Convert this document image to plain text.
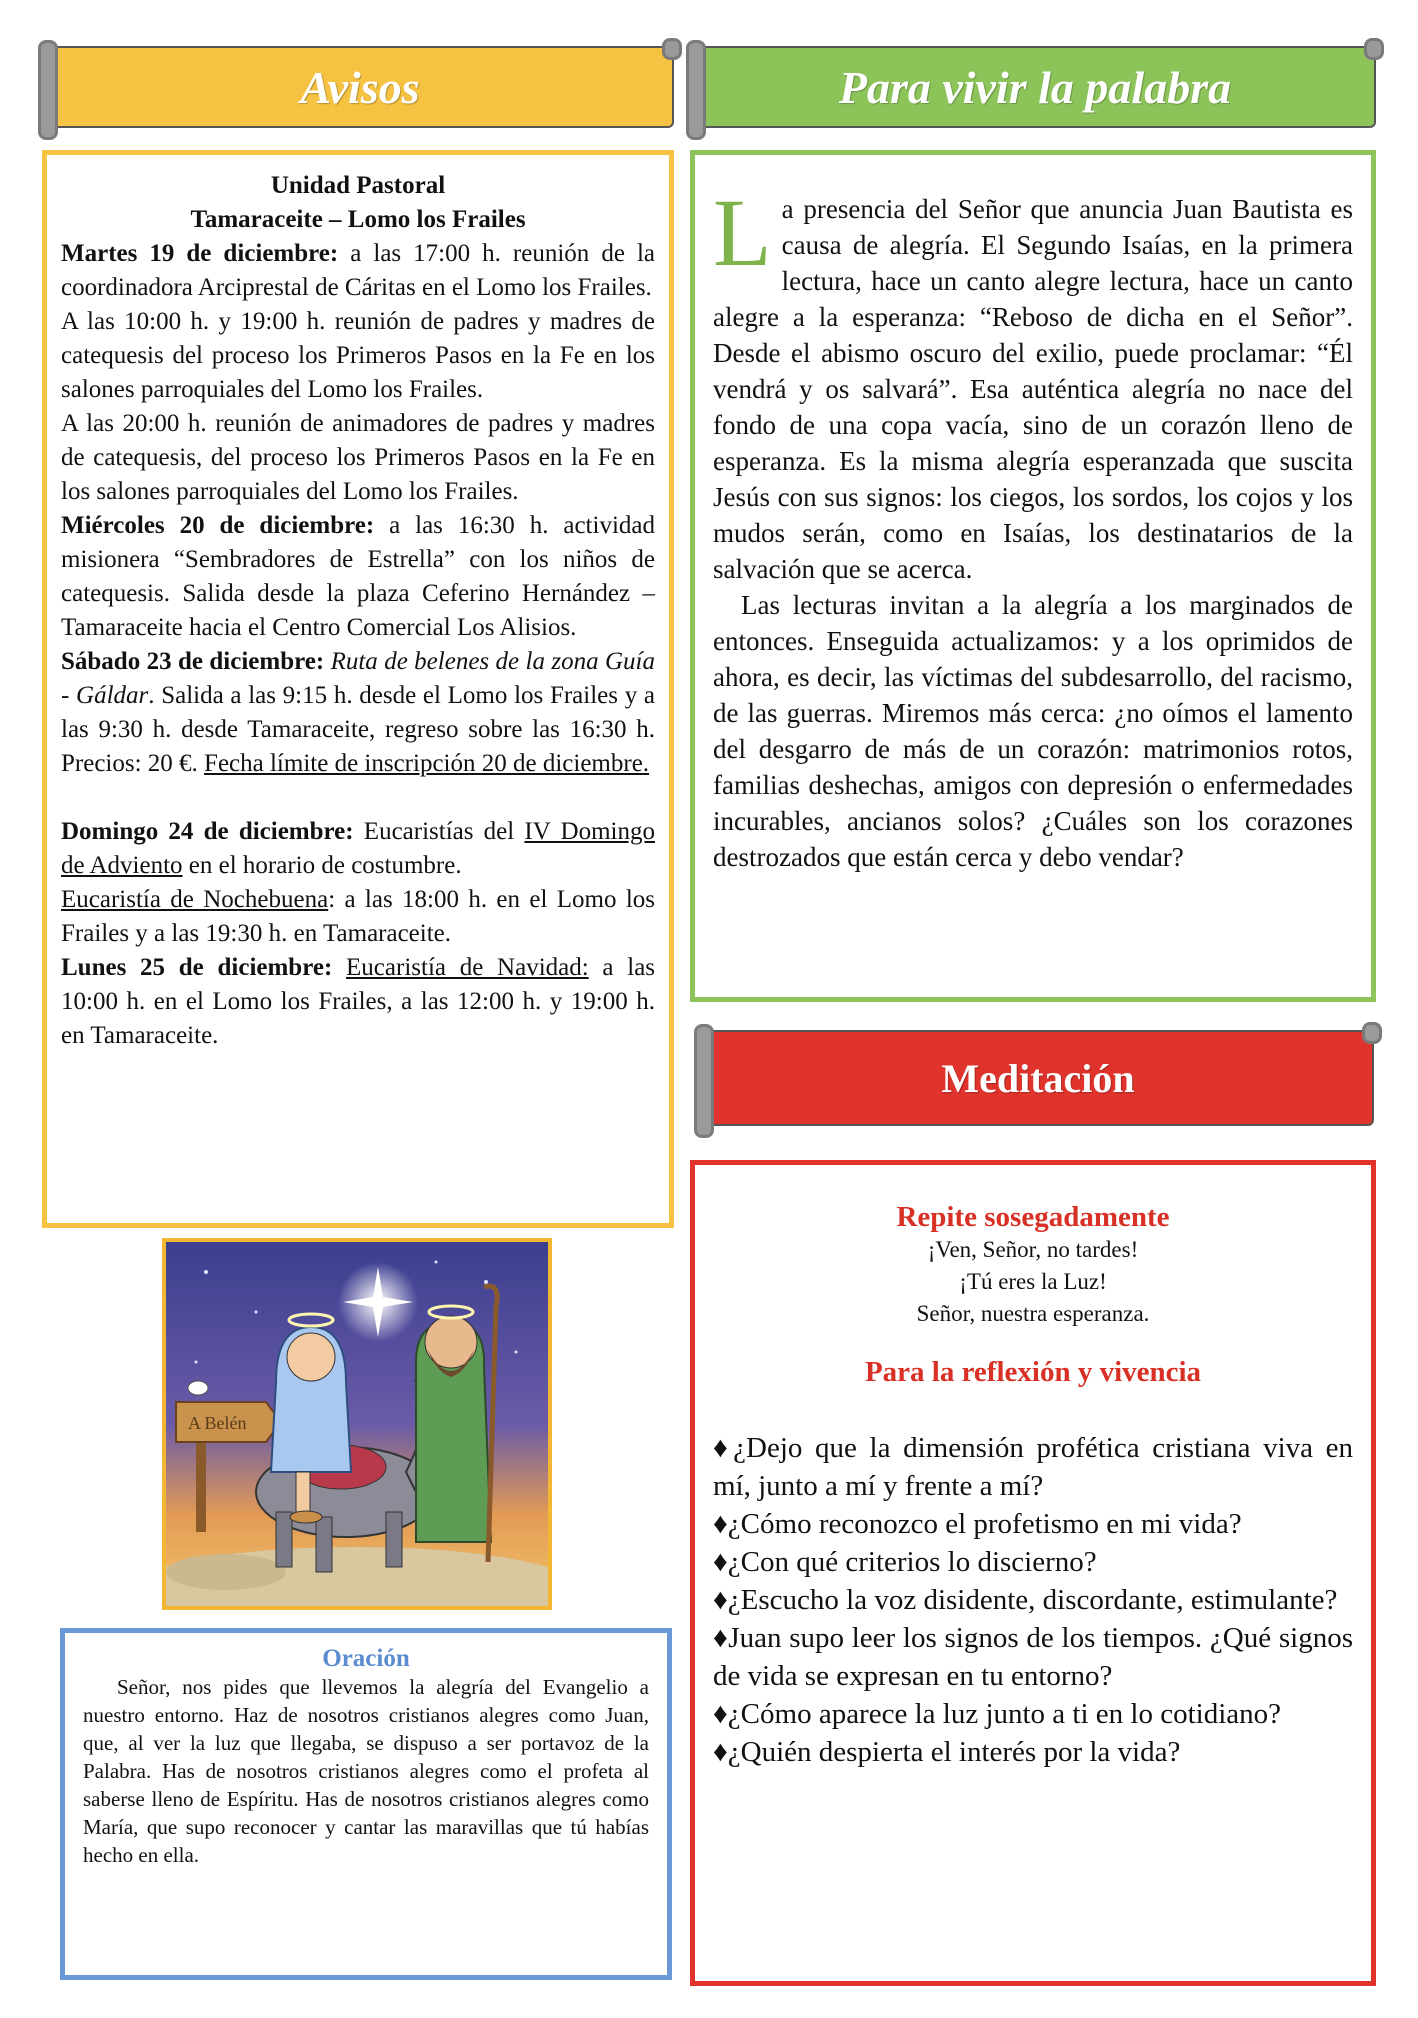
Avisos

Unidad Pastoral

Tamaraceite – Lomo los Frailes

Martes 19 de diciembre: a las 17:00 h. reunión de la coordinadora Arciprestal de Cáritas en el Lomo los Frailes.

A las 10:00 h. y 19:00 h. reunión de padres y madres de catequesis del proceso los Primeros Pasos en la Fe en los salones parroquiales del Lomo los Frailes.

A las 20:00 h. reunión de animadores de padres y madres de catequesis, del proceso los Primeros Pasos en la Fe en los salones parroquiales del Lomo los Frailes.

Miércoles 20 de diciembre: a las 16:30 h. actividad misionera “Sembradores de Estrella” con los niños de catequesis. Salida desde la plaza Ceferino Hernández – Tamaraceite hacia el Centro Comercial Los Alisios.

Sábado 23 de diciembre: Ruta de belenes de la zona Guía - Gáldar. Salida a las 9:15 h. desde el Lomo los Frailes y a las 9:30 h. desde Tamaraceite, regreso sobre las 16:30 h. Precios: 20 €. Fecha límite de inscripción 20 de diciembre.

Domingo 24 de diciembre: Eucaristías del IV Domingo de Adviento en el horario de costumbre.

Eucaristía de Nochebuena: a las 18:00 h. en el Lomo los Frailes y a las 19:30 h. en Tamaraceite.

Lunes 25 de diciembre: Eucaristía de Navidad: a las 10:00 h. en el Lomo los Frailes, a las 12:00 h. y 19:00 h. en Tamaraceite.

A Belén

Oración

Señor, nos pides que llevemos la alegría del Evangelio a nuestro entorno. Haz de nosotros cristianos alegres como Juan, que, al ver la luz que llegaba, se dispuso a ser portavoz de la Palabra. Has de nosotros cristianos alegres como el profeta al saberse lleno de Espíritu. Has de nosotros cristianos alegres como María, que supo reconocer y cantar las maravillas que tú habías hecho en ella.

Para vivir la palabra
L a presencia del Señor que anuncia Juan Bautista es causa de alegría. El Segundo Isaías, en la primera lectura, hace un canto alegre lectura, hace un canto alegre a la esperanza: “Reboso de dicha en el Señor”. Desde el abismo oscuro del exilio, puede proclamar: “Él vendrá y os salvará”. Esa auténtica alegría no nace del fondo de una copa vacía, sino de un corazón lleno de esperanza. Es la misma alegría esperanzada que suscita Jesús con sus signos: los ciegos, los sordos, los cojos y los mudos serán, como en Isaías, los destinatarios de la salvación que se acerca.

Las lecturas invitan a la alegría a los marginados de entonces. Enseguida actualizamos: y a los oprimidos de ahora, es decir, las víctimas del subdesarrollo, del racismo, de las guerras. Miremos más cerca: ¿no oímos el lamento del desgarro de más de un corazón: matrimonios rotos, familias deshechas, amigos con depresión o enfermedades incurables, ancianos solos? ¿Cuáles son los corazones destrozados que están cerca y debo vendar?

Meditación

Repite sosegadamente

¡Ven, Señor, no tardes!

¡Tú eres la Luz!

Señor, nuestra esperanza.

Para la reflexión y vivencia

♦¿Dejo que la dimensión profética cristiana viva en mí, junto a mí y frente a mí?

♦¿Cómo reconozco el profetismo en mi vida?

♦¿Con qué criterios lo discierno?

♦¿Escucho la voz disidente, discordante, estimulante?

♦Juan supo leer los signos de los tiempos. ¿Qué signos de vida se expresan en tu entorno?

♦¿Cómo aparece la luz junto a ti en lo cotidiano?

♦¿Quién despierta el interés por la vida?
